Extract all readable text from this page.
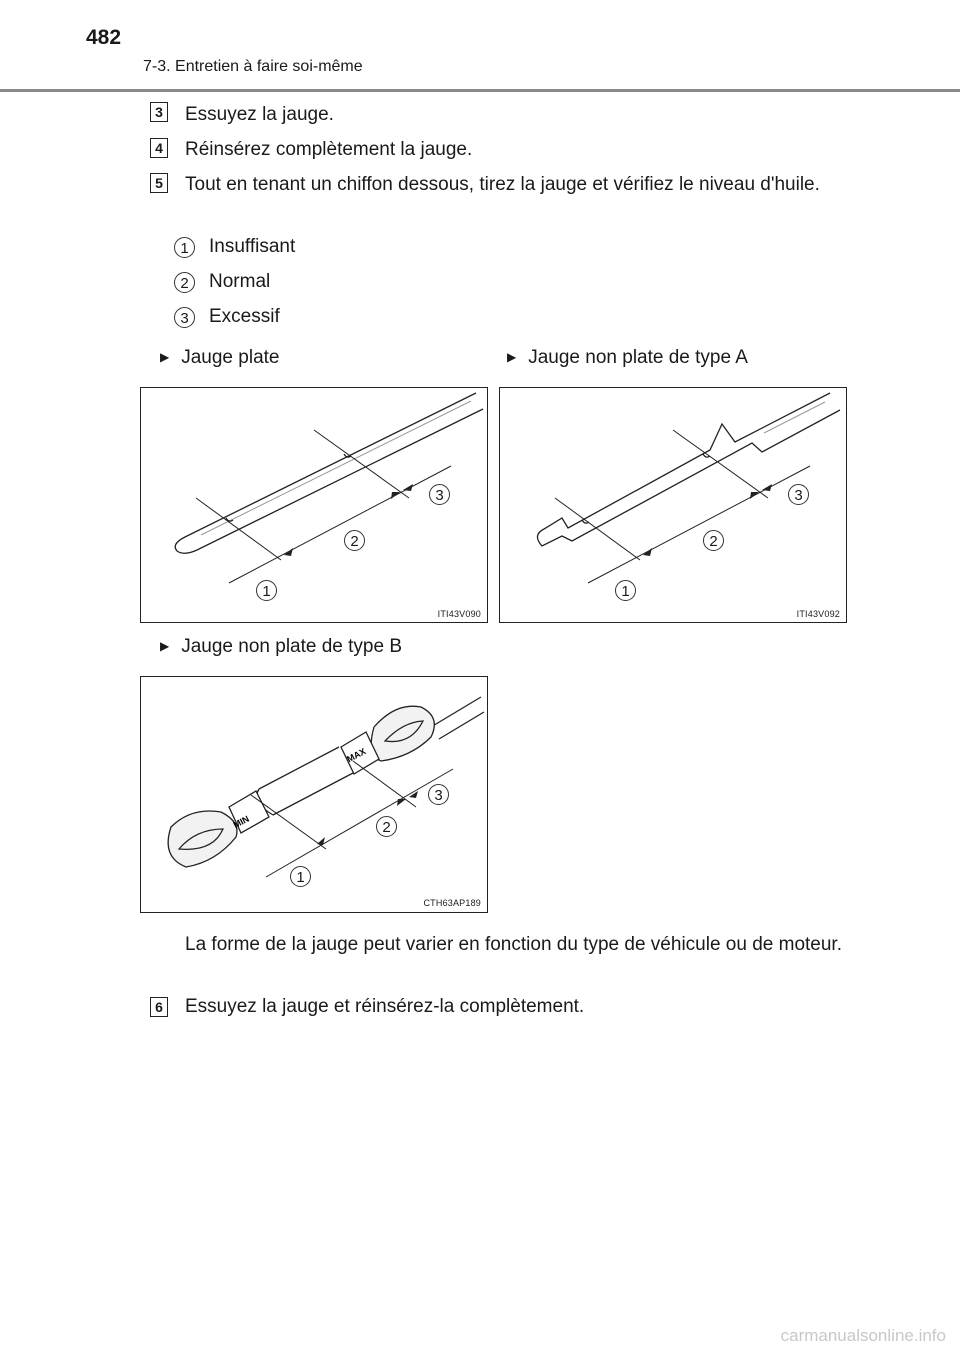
482
7-3. Entretien à faire soi-même
3 Essuyez la jauge.
4 Réinsérez complètement la jauge.
5 Tout en tenant un chiffon dessous, tirez la jauge et vérifiez le niveau d'huile.
1	Insuffisant
2	Normal
3	Excessif
▶ Jauge plate	▶ Jauge non plate de type A
1
2
3
ITI43V090
1
2
3
ITI43V092
▶ Jauge non plate de type B
MIN
MAX
1
2
3
CTH63AP189
La forme de la jauge peut varier en fonction du type de véhicule ou de moteur.
6 Essuyez la jauge et réinsérez-la complètement.
carmanualsonline.info
